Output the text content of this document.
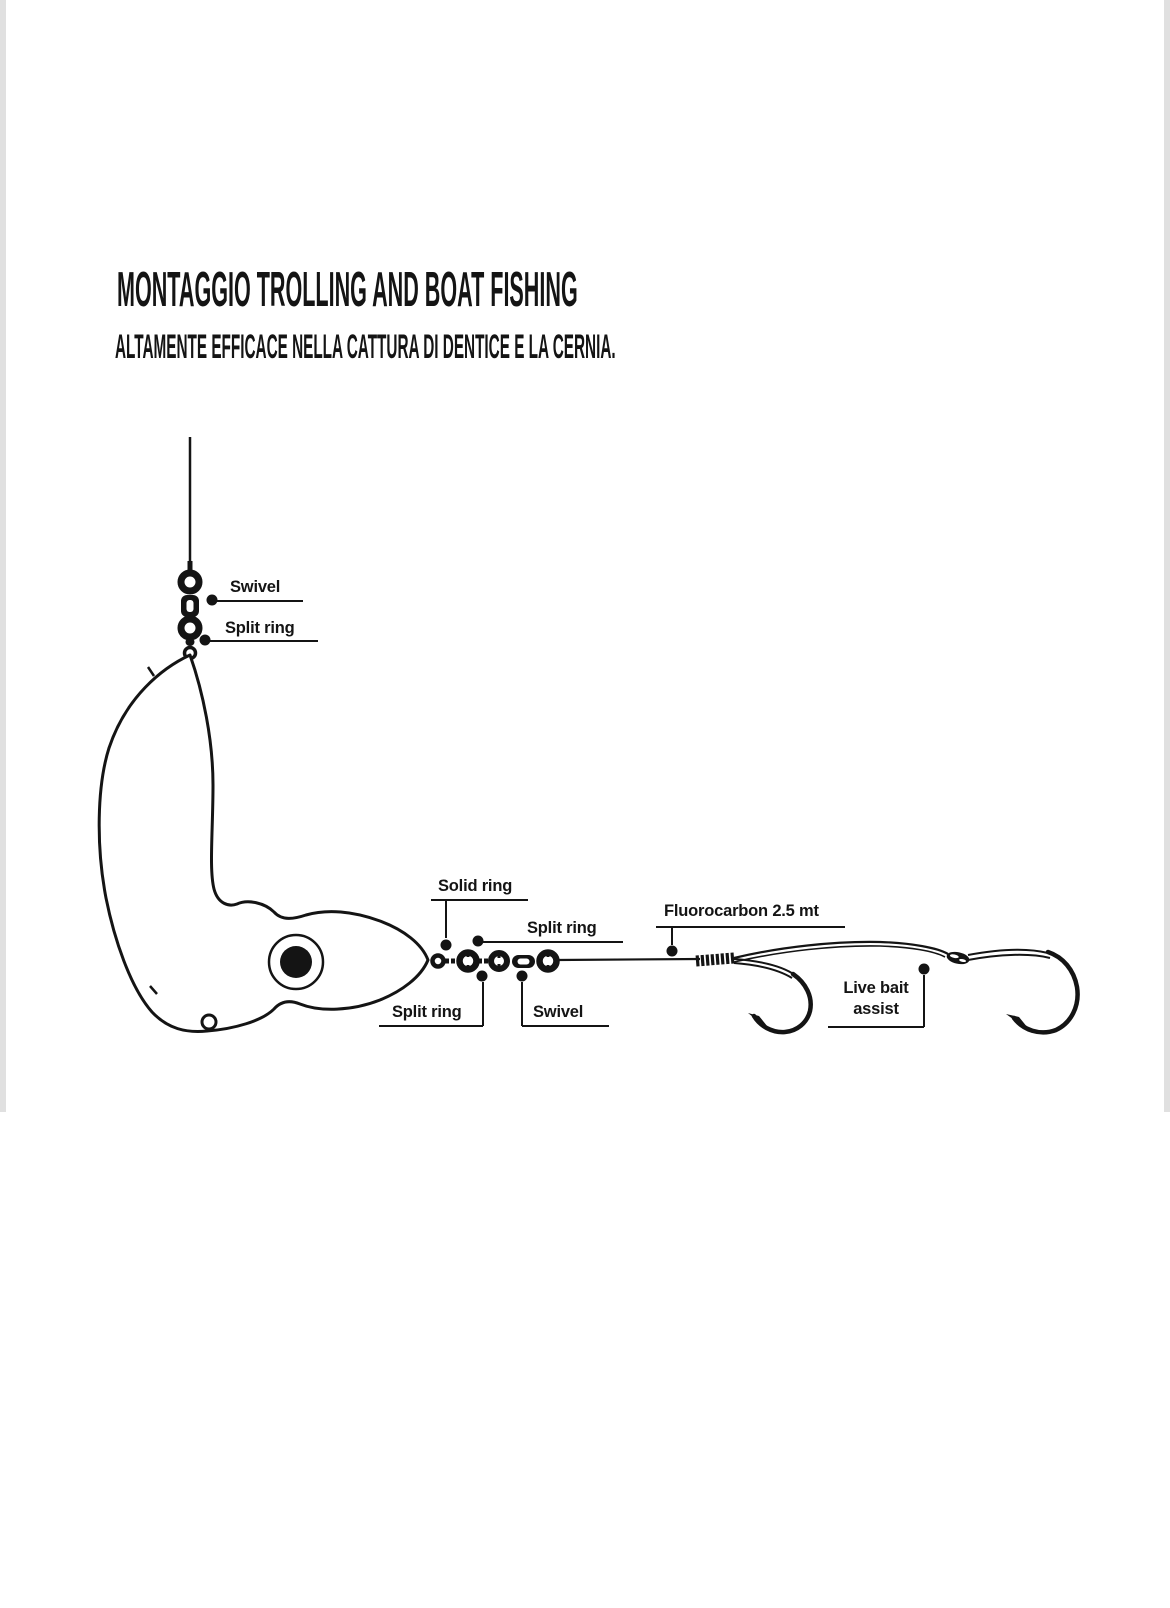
MONTAGGIO TROLLING AND BOAT FISHING
ALTAMENTE EFFICACE NELLA CATTURA DI DENTICE E LA CERNIA.
Swivel
Split ring
Solid ring
Split ring
Split ring	Swivel
Fluorocarbon 2.5 mt
Live bait
assist
